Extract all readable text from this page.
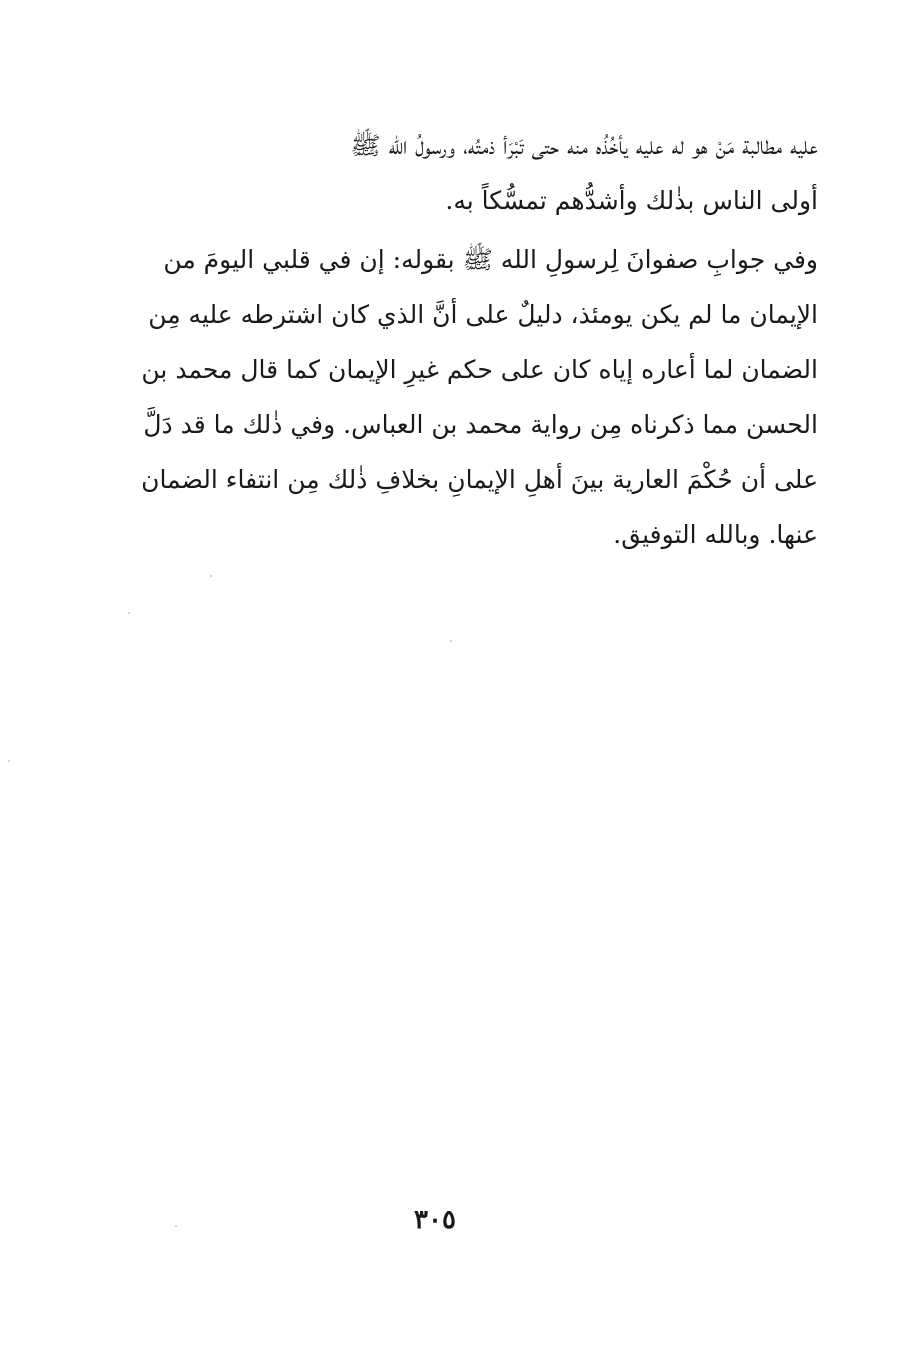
عليه مطالبة مَنْ هو له عليه يأخُذُه منه حتى تَبْرَأ ذمتُه، ورسولُ الله ﷺ
أولى الناس بذٰلك وأشدُّهم تمسُّكاً به.
وفي جوابِ صفوانَ لِرسولِ الله ﷺ بقوله: إن في قلبي اليومَ من
الإيمان ما لم يكن يومئذ، دليلٌ على أنَّ الذي كان اشترطه عليه مِن
الضمان لما أعاره إياه كان على حكم غيرِ الإيمان كما قال محمد بن
الحسن مما ذكرناه مِن رواية محمد بن العباس. وفي ذٰلك ما قد دَلَّ
على أن حُكْمَ العارية بينَ أهلِ الإيمانِ بخلافِ ذٰلك مِن انتفاء الضمان
عنها. وبالله التوفيق.
٣٠٥
